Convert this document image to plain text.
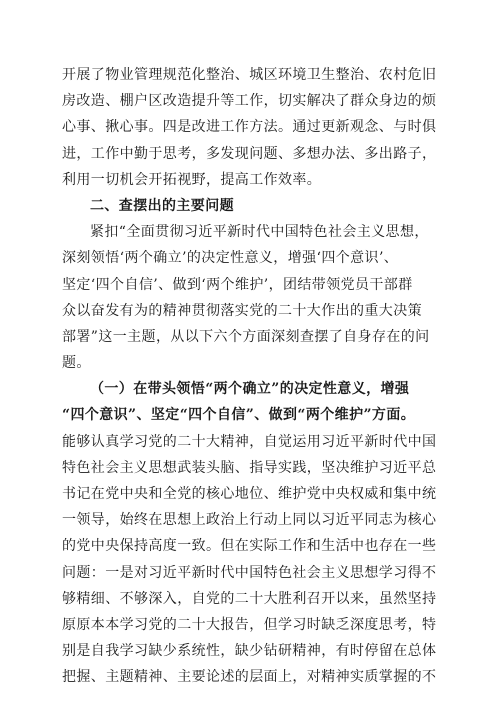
开展了物业管理规范化整治、城区环境卫生整治、农村危旧
房改造、棚户区改造提升等工作，切实解决了群众身边的烦
心事、揪心事。四是改进工作方法。通过更新观念、与时俱
进，工作中勤于思考，多发现问题、多想办法、多出路子，
利用一切机会开拓视野，提高工作效率。
二、查摆出的主要问题
紧扣“全面贯彻习近平新时代中国特色社会主义思想，
深刻领悟‘两个确立’的决定性意义，增强‘四个意识’、
坚定‘四个自信’、做到‘两个维护’，团结带领党员干部群
众以奋发有为的精神贯彻落实党的二十大作出的重大决策
部署”这一主题，从以下六个方面深刻查摆了自身存在的问
题。
（一）在带头领悟“两个确立”的决定性意义，增强
“四个意识”、坚定“四个自信”、做到“两个维护”方面。
能够认真学习党的二十大精神，自觉运用习近平新时代中国
特色社会主义思想武装头脑、指导实践，坚决维护习近平总
书记在党中央和全党的核心地位、维护党中央权威和集中统
一领导，始终在思想上政治上行动上同以习近平同志为核心
的党中央保持高度一致。但在实际工作和生活中也存在一些
问题：一是对习近平新时代中国特色社会主义思想学习得不
够精细、不够深入，自党的二十大胜利召开以来，虽然坚持
原原本本学习党的二十大报告，但学习时缺乏深度思考，特
别是自我学习缺少系统性，缺少钻研精神，有时停留在总体
把握、主题精神、主要论述的层面上，对精神实质掌握的不
